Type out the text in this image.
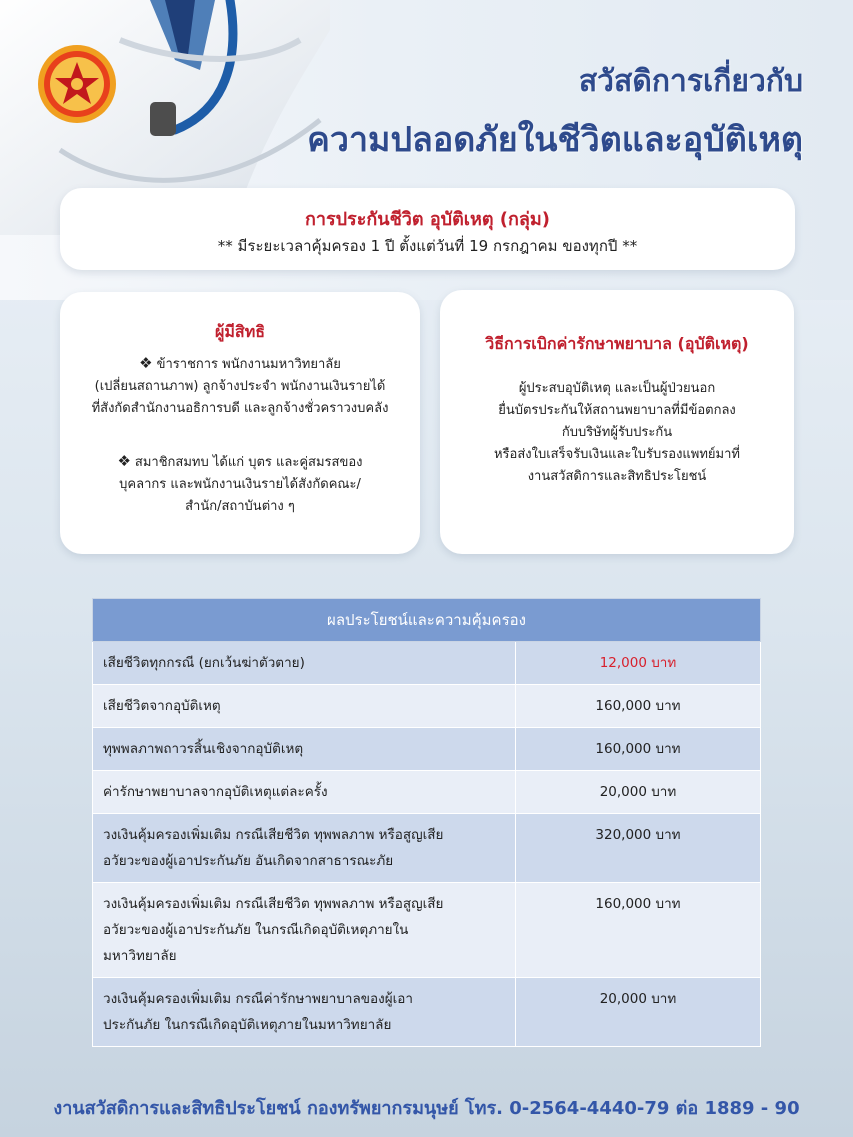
สวัสดิการเกี่ยวกับ
ความปลอดภัยในชีวิตและอุบัติเหตุ
การประกันชีวิต อุบัติเหตุ (กลุ่ม)
** มีระยะเวลาคุ้มครอง 1 ปี ตั้งแต่วันที่ 19 กรกฎาคม ของทุกปี **
ผู้มีสิทธิ
❖ ข้าราชการ พนักงานมหาวิทยาลัย
(เปลี่ยนสถานภาพ) ลูกจ้างประจำ พนักงานเงินรายได้
ที่สังกัดสำนักงานอธิการบดี และลูกจ้างชั่วคราวงบคลัง
❖ สมาชิกสมทบ ได้แก่ บุตร และคู่สมรสของ
บุคลากร และพนักงานเงินรายได้สังกัดคณะ/
สำนัก/สถาบันต่าง ๆ
วิธีการเบิกค่ารักษาพยาบาล (อุบัติเหตุ)
ผู้ประสบอุบัติเหตุ และเป็นผู้ป่วยนอก
ยื่นบัตรประกันให้สถานพยาบาลที่มีข้อตกลง
กับบริษัทผู้รับประกัน
หรือส่งใบเสร็จรับเงินและใบรับรองแพทย์มาที่
งานสวัสดิการและสิทธิประโยชน์
ผลประโยชน์และความคุ้มครอง	

เสียชีวิตทุกกรณี (ยกเว้นฆ่าตัวตาย)	12,000 บาท

เสียชีวิตจากอุบัติเหตุ	160,000 บาท

ทุพพลภาพถาวรสิ้นเชิงจากอุบัติเหตุ	160,000 บาท

ค่ารักษาพยาบาลจากอุบัติเหตุแต่ละครั้ง	20,000 บาท

วงเงินคุ้มครองเพิ่มเติม กรณีเสียชีวิต ทุพพลภาพ หรือสูญเสีย
อวัยวะของผู้เอาประกันภัย อันเกิดจากสาธารณะภัย	320,000 บาท

วงเงินคุ้มครองเพิ่มเติม กรณีเสียชีวิต ทุพพลภาพ หรือสูญเสีย
อวัยวะของผู้เอาประกันภัย ในกรณีเกิดอุบัติเหตุภายใน
มหาวิทยาลัย	160,000 บาท

วงเงินคุ้มครองเพิ่มเติม กรณีค่ารักษาพยาบาลของผู้เอา
ประกันภัย ในกรณีเกิดอุบัติเหตุภายในมหาวิทยาลัย	20,000 บาท
งานสวัสดิการและสิทธิประโยชน์ กองทรัพยากรมนุษย์ โทร. 0-2564-4440-79 ต่อ 1889 - 90
